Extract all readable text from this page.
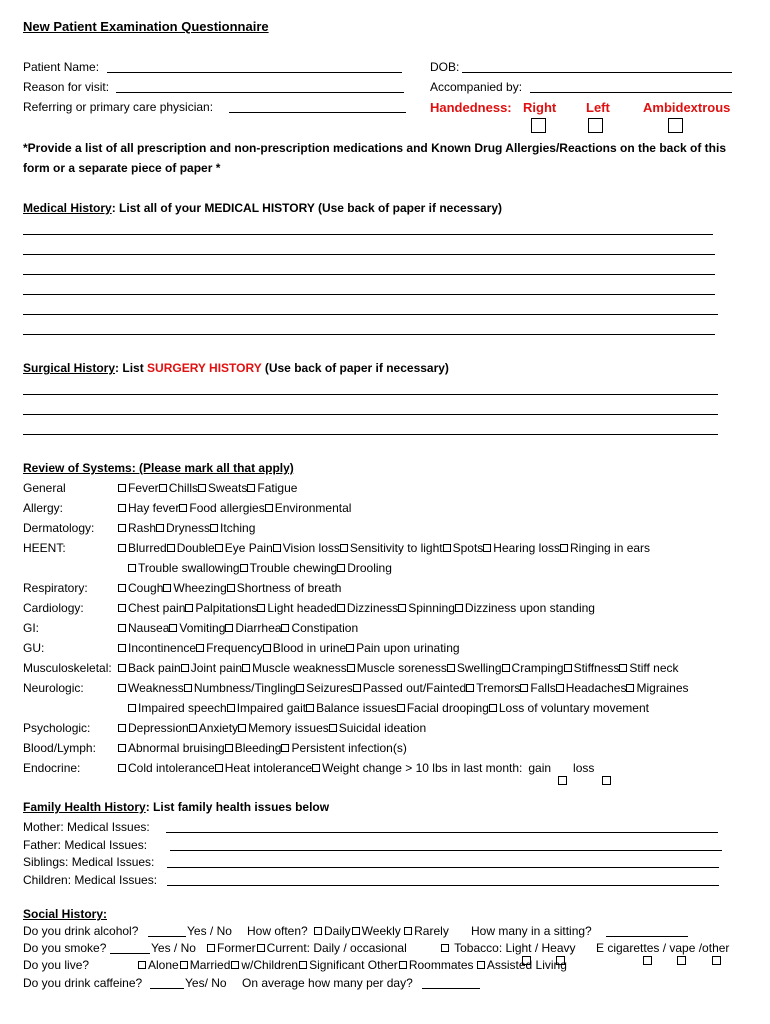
New Patient Examination Questionnaire
Patient Name:
Reason for visit:
Referring or primary care physician:
DOB:
Accompanied by:
Handedness: Right Left	Ambidextrous
*Provide a list of all prescription and non-prescription medications and Known Drug Allergies/Reactions on the back of this
form or a separate piece of paper *
Medical History: List all of your MEDICAL HISTORY (Use back of paper if necessary)
Surgical History: List SURGERY HISTORY (Use back of paper if necessary)
Review of Systems: (Please mark all that apply)
General	Fever Chills Sweats Fatigue
Allergy:	Hay fever Food allergies Environmental
Dermatology:	Rash Dryness Itching
HEENT:	Blurred Double Eye Pain Vision loss Sensitivity to light Spots Hearing loss Ringing in ears
Trouble swallowing Trouble chewing Drooling
Respiratory:	Cough Wheezing Shortness of breath
Cardiology:	Chest pain Palpitations Light headed Dizziness Spinning Dizziness upon standing
GI:	Nausea Vomiting Diarrhea Constipation
GU:	Incontinence Frequency Blood in urine Pain upon urinating
Musculoskeletal:	Back pain Joint pain Muscle weakness Muscle soreness Swelling Cramping Stiffness Stiff neck
Neurologic:	Weakness Numbness/Tingling Seizures Passed out/Fainted Tremors Falls Headaches Migraines
Impaired speech Impaired gait Balance issues Facial drooping Loss of voluntary movement
Psychologic:	Depression Anxiety Memory issues Suicidal ideation
Blood/Lymph:	Abnormal bruising Bleeding Persistent infection(s)
Endocrine:	Cold intolerance Heat intolerance Weight change > 10 lbs in last month: gain loss
Family Health History: List family health issues below
Mother: Medical Issues:
Father: Medical Issues:
Siblings: Medical Issues:
Children: Medical Issues:
Social History:
Do you drink alcohol?	Yes / No How often?	Daily Weekly Rarely How many in a sitting?
Do you smoke?	Yes / No	Former Current: Daily / occasional	Tobacco: Light / Heavy E cigarettes / vape /other
Do you live?	Alone Married w/Children Significant Other Roommates Assisted Living
Do you drink caffeine?	Yes/ No On average how many per day?
